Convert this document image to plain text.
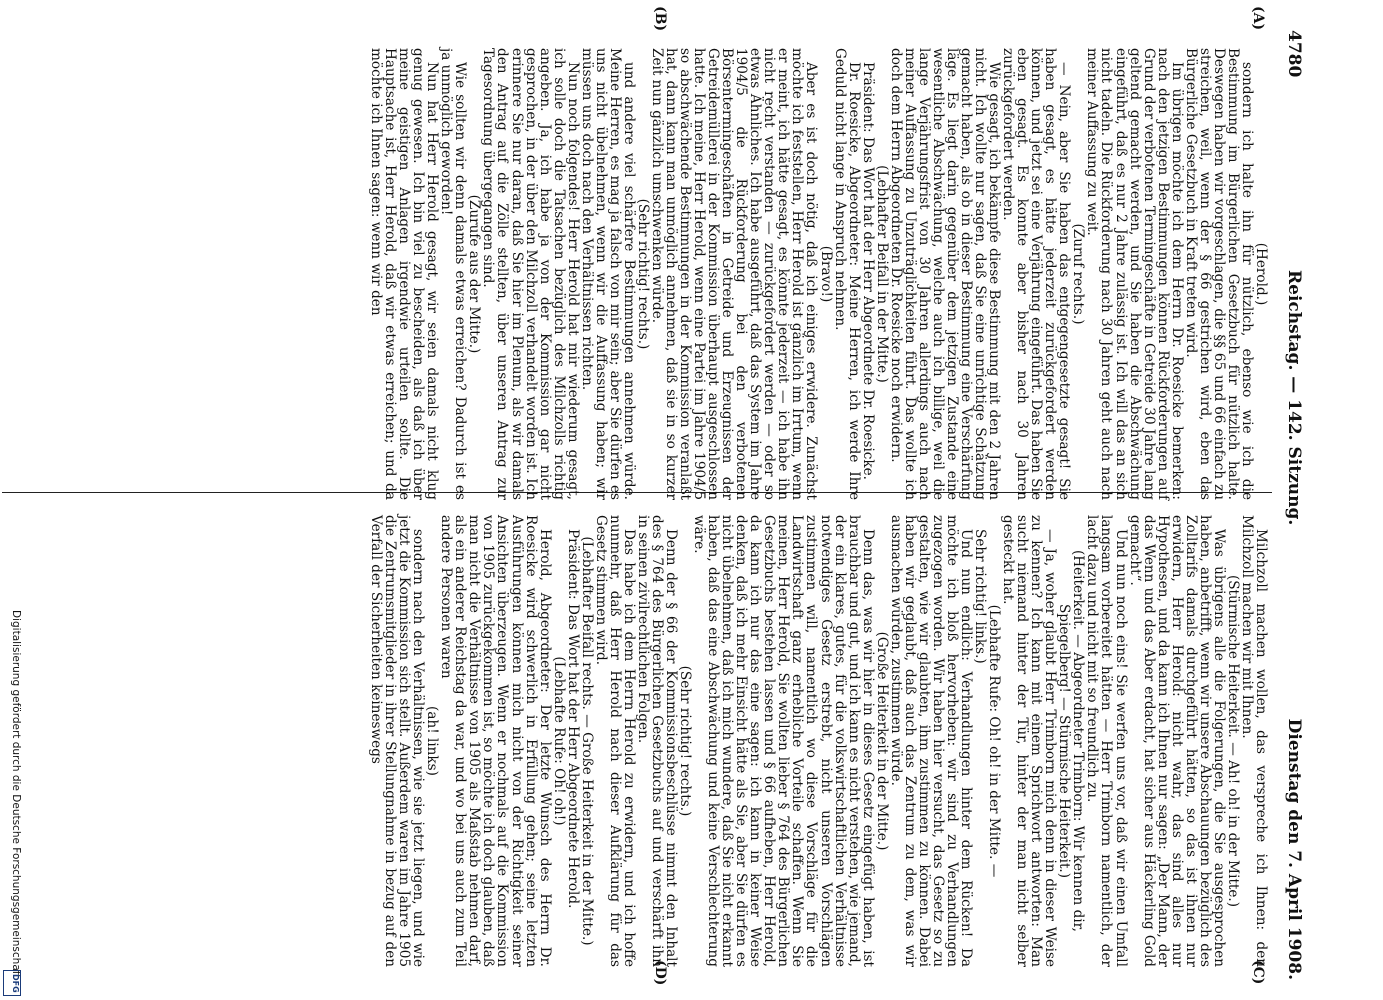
4780
Reichstag. — 142. Sitzung.
Dienstag den 7. April 1908.
(A)
(B)
(C)
(D)

(Herold.)

sondern ich halte ihn für nützlich, ebenso wie ich die Bestimmung im Bürgerlichen Gesetzbuch für nützlich halte. Deswegen haben wir vorgeschlagen, die §§ 65 und 66 einfach zu streichen, weil, wenn der § 66 gestrichen wird, eben das Bürgerliche Gesetzbuch in Kraft treten wird.

Im übrigen möchte ich dem Herrn Dr. Roesicke bemerken: nach den jetzigen Bestimmungen können Rückforderungen auf Grund der verbotenen Termingeschäfte in Getreide 30 Jahre lang geltend gemacht werden, und Sie haben die Abschwächung eingeführt, daß es nur 2 Jahre zulässig ist. Ich will das an sich nicht tadeln. Die Rückforderung nach 30 Jahren geht auch nach meiner Auffassung zu weit.

(Zuruf rechts.)

— Nein, aber Sie haben das entgegengesetzte gesagt! Sie haben gesagt, es hätte jederzeit zurückgefordert werden können, und jetzt sei eine Verjährung eingeführt. Das haben Sie eben gesagt. Es konnte aber bisher nach 30 Jahren zurückgefordert werden.

Wie gesagt, ich bekämpfe diese Bestimmung mit den 2 Jahren nicht. Ich wollte nur sagen, daß Sie eine unrichtige Schätzung gemacht haben, als ob in dieser Bestimmung eine Verschärfung läge. Es liegt darin gegenüber dem jetzigen Zustande eine wesentliche Abschwächung, welche auch ich billige, weil die lange Verjährungsfrist von 30 Jahren allerdings auch nach meiner Auffassung zu Unzuträglichkeiten führt. Das wollte ich doch dem Herrn Abgeordneten Dr. Roesicke noch erwidern.

(Lebhafter Beifall in der Mitte.)

Präsident: Das Wort hat der Herr Abgeordnete Dr. Roesicke.

Dr. Roesicke, Abgeordneter: Meine Herren, ich werde Ihre Geduld nicht lange in Anspruch nehmen.

(Bravo!)

Aber es ist doch nötig, daß ich einiges erwidere. Zunächst möchte ich feststellen, Herr Herold ist gänzlich im Irrtum, wenn er meint, ich hätte gesagt, es könnte jederzeit — ich habe ihn nicht recht verstanden — zurückgefordert werden — oder so etwas Ähnliches. Ich habe ausgeführt, daß das System im Jahre 1904/5 die Rückforderung bei den verbotenen Börsentermingeschäften in Getreide und Erzeugnissen der Getreidemüllerei in der Kommission überhaupt ausgeschlossen hatte. Ich meine, Herr Herold, wenn eine Partei im Jahre 1904/5 so abschwächende Bestimmungen in der Kommission veranlaßt hat, dann kann man unmöglich annehmen, daß sie in so kurzer Zeit nun gänzlich umschwenken würde.

(Sehr richtig! rechts.)

und andere viel schärfere Bestimmungen annehmen würde. Meine Herren, es mag ja falsch von mir sein; aber Sie dürfen es uns nicht übelnehmen, wenn wir die Auffassung haben; wir müssen uns doch nach den Verhältnissen richten.

Nun noch folgendes! Herr Herold hat mir wiederum gesagt, ich solle doch die Tatsachen bezüglich des Milchzolls richtig angeben. Ja, ich habe ja von der Kommission gar nicht gesprochen, in der über den Milchzoll verhandelt worden ist. Ich erinnere Sie nur daran, daß Sie hier im Plenum, als wir damals den Antrag auf die Zölle stellten, über unseren Antrag zur Tagesordnung übergegangen sind.

(Zurufe aus der Mitte.)

Wie sollten wir denn damals etwas erreichen? Dadurch ist es ja unmöglich geworden!

Nun hat Herr Herold gesagt, wir seien damals nicht klug genug gewesen. Ich bin viel zu bescheiden, als daß ich über meine geistigen Anlagen irgendwie urteilen sollte. Die Hauptsache ist, Herr Herold, daß wir etwas erreichen; und da möchte ich Ihnen sagen: wenn wir den

Milchzoll machen wollen, das verspreche ich Ihnen: den Milchzoll machen wir mit Ihnen.

(Stürmische Heiterkeit. — Ah! oh! in der Mitte.)

Was übrigens alle die Folgerungen, die Sie ausgesprochen haben, anbetrifft, wenn wir unsere Abschauungen bezüglich des Zolltarifs damals durchgeführt hätten, so das ist ihnen nur erwidern, Herr Herold: nicht wahr, das sind alles nur Hypothesen, und da kann ich Ihnen nur sagen: „Der Mann, der das Wenn und das Aber erdacht, hat sicher aus Häckerling Gold gemacht“.

Und nun noch eins! Sie werfen uns vor, daß wir einen Umfall langsam vorbereitet hätten — Herr Trimborn namentlich, der lacht dazu und nicht mit so freundlich zu.

(Heiterkeit. — Abgeordneter Trimborn: Wir kennen dir, Spiegelberg! — Stürmische Heiterkeit.)

— Ja, woher glaubt Herr Trimborn mich denn in dieser Weise zu kennen? Ich kann mit einem Sprichwort antworten: Man sucht niemand hinter der Tür, hinter der man nicht selber gesteckt hat.

(Lebhafte Rufe: Oh! oh! in der Mitte. —

Sehr richtig! links.)

Und nun endlich: Verhandlungen hinter dem Rücken! Da möchte ich bloß hervorheben: wir sind zu Verhandlungen zugezogen worden. Wir haben hier versucht, das Gesetz so zu gestalten, wie wir glaubten, ihm zustimmen zu können. Dabei haben wir geglaubt, daß auch das Zentrum zu dem, was wir ausmachen würden, zustimmen würde.

(Große Heiterkeit in der Mitte.)

Denn das, was wir hier in dieses Gesetz eingefügt haben, ist brauchbar und gut, und ich kann es nicht verstehen, wie jemand, der ein klares, gutes, für die volkswirtschaftlichen Verhältnisse notwendiges Gesetz erstrebt, nicht unseren Vorschlägen zustimmen will, namentlich wo diese Vorschläge für die Landwirtschaft ganz erhebliche Vorteile schaffen. Wenn Sie meinen, Herr Herold, Sie wollten lieber § 764 des Bürgerlichen Gesetzbuchs bestehen lassen und § 66 aufheben, Herr Herold, da kann ich nur das eine sagen: ich kann in keiner Weise denken, daß ich mehr Einsicht hätte als Sie, aber Sie dürfen es nicht übelnehmen, daß ich mich wundere, daß Sie nicht erkannt haben, daß das eine Abschwächung und keine Verschlechterung wäre.

(Sehr richtig! rechts.)

Denn der § 66 der Kommissionsbeschlüsse nimmt den Inhalt des § 764 des Bürgerlichen Gesetzbuchs auf und verschärft ihn in seinen zivilrechtlichen Folgen.

Das habe ich dem Herrn Herold zu erwidern, und ich hoffe nunmehr, daß Herr Herold nach dieser Aufklärung für das Gesetz stimmen wird.

(Lebhafter Beifall rechts. — Große Heiterkeit in der Mitte.)

Präsident: Das Wort hat der Herr Abgeordnete Herold.

(Lebhafte Rufe: Oh! oh!)

Herold, Abgeordneter: Der letzte Wunsch des Herrn Dr. Roesicke wird schwerlich in Erfüllung gehen; seine letzten Ausführungen können mich nicht von der Richtigkeit seiner Ansichten überzeugen. Wenn er nochmals auf die Kommission von 1905 zurückgekommen ist, so möchte ich doch glauben, daß man nicht die Verhältnisse von 1905 als Maßstab nehmen darf, als ein anderer Reichstag da war, und wo bei uns auch zum Teil andere Personen waren

(ah! links)

sondern nach den Verhältnissen, wie sie jetzt liegen, und wie jetzt die Kommission sich stellt. Außerdem waren im Jahre 1905 die Zentrumsmitglieder in ihrer Stellungnahme in bezug auf den Verfall der Sicherheiten keineswegs

Digitalisierung gefördert durch die Deutsche Forschungsgemeinschaft
DFG
